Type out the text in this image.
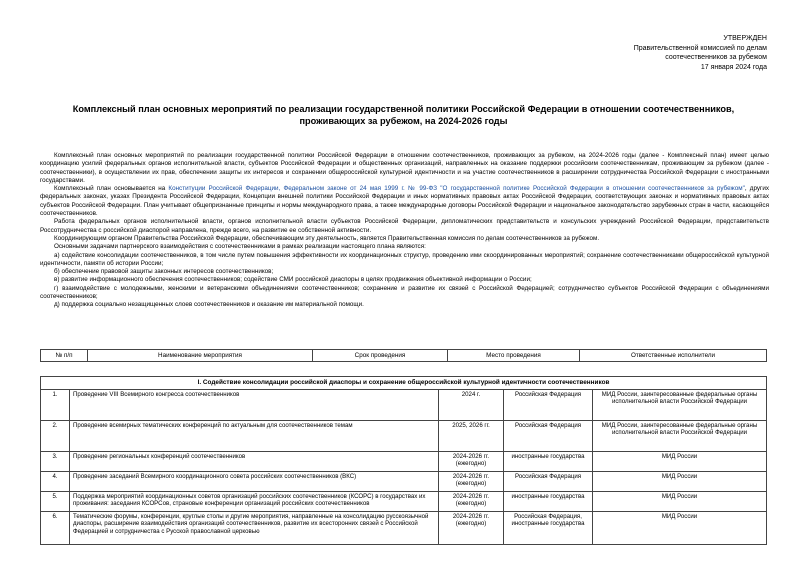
УТВЕРЖДЕН
Правительственной комиссией по делам
соотечественников за рубежом
17 января 2024 года
Комплексный план основных мероприятий по реализации государственной политики Российской Федерации в отношении соотечественников, проживающих за рубежом, на 2024-2026 годы

Комплексный план основных мероприятий по реализации государственной политики Российской Федерации в отношении соотечественников, проживающих за рубежом, на 2024-2026 годы (далее - Комплексный план) имеет целью координацию усилий федеральных органов исполнительной власти, субъектов Российской Федерации и общественных организаций, направленных на оказание поддержки российским соотечественникам, проживающим за рубежом (далее - соотечественники), в осуществлении их прав, обеспечении защиты их интересов и сохранении общероссийской культурной идентичности и на участие соотечественников в расширении сотрудничества Российской Федерации с иностранными государствами.

Комплексный план основывается на Конституции Российской Федерации, Федеральном законе от 24 мая 1999 г. № 99-ФЗ "О государственной политике Российской Федерации в отношении соотечественников за рубежом", других федеральных законах, указах Президента Российской Федерации, Концепции внешней политики Российской Федерации и иных нормативных правовых актах Российской Федерации, соответствующих законах и нормативных правовых актах субъектов Российской Федерации. План учитывает общепризнанные принципы и нормы международного права, а также международные договоры Российской Федерации и национальное законодательство зарубежных стран в части, касающейся соотечественников.

Работа федеральных органов исполнительной власти, органов исполнительной власти субъектов Российской Федерации, дипломатических представительств и консульских учреждений Российской Федерации, представительств Россотрудничества с российской диаспорой направлена, прежде всего, на развитие ее собственной активности.

Координирующим органом Правительства Российской Федерации, обеспечивающим эту деятельность, является Правительственная комиссия по делам соотечественников за рубежом.

Основными задачами партнерского взаимодействия с соотечественниками в рамках реализации настоящего плана являются:

а) содействие консолидации соотечественников, в том числе путем повышения эффективности их координационных структур, проведению ими скоординированных мероприятий; сохранение соотечественниками общероссийской культурной идентичности, памяти об истории России;

б) обеспечение правовой защиты законных интересов соотечественников;

в) развитие информационного обеспечения соотечественников; содействие СМИ российской диаспоры в целях продвижения объективной информации о России;

г) взаимодействие с молодежными, женскими и ветеранскими объединениями соотечественников; сохранение и развитие их связей с Российской Федерацией; сотрудничество субъектов Российской Федерации с объединениями соотечественников;

д) поддержка социально незащищенных слоев соотечественников и оказание им материальной помощи.

№ п/п	Наименование мероприятия	Срок проведения	Место проведения	Ответственные исполнители
I. Содействие консолидации российской диаспоры и сохранение общероссийской культурной идентичности соотечественников				
1.	Проведение VIII Всемирного конгресса соотечественников	2024 г.	Российская Федерация	МИД России, заинтересованные федеральные органы исполнительной власти Российской Федерации
2.	Проведение всемирных тематических конференций по актуальным для соотечественников темам	2025, 2026 гг.	Российская Федерация	МИД России, заинтересованные федеральные органы исполнительной власти Российской Федерации
3.	Проведение региональных конференций соотечественников	2024-2026 гг. (ежегодно)	иностранные государства	МИД России
4.	Проведение заседаний Всемирного координационного совета российских соотечественников (ВКС)	2024-2026 гг. (ежегодно)	Российская Федерация	МИД России
5.	Поддержка мероприятий координационных советов организаций российских соотечественников (КСОРС) в государствах их проживания: заседания КСОРСов, страновые конференции организаций российских соотечественников	2024-2026 гг. (ежегодно)	иностранные государства	МИД России
6.	Тематические форумы, конференции, круглые столы и другие мероприятия, направленные на консолидацию русскоязычной диаспоры, расширение взаимодействия организаций соотечественников, развитие их всесторонних связей с Российской Федерацией и сотрудничества с Русской православной церковью	2024-2026 гг. (ежегодно)	Российская Федерация, иностранные государства	МИД России
